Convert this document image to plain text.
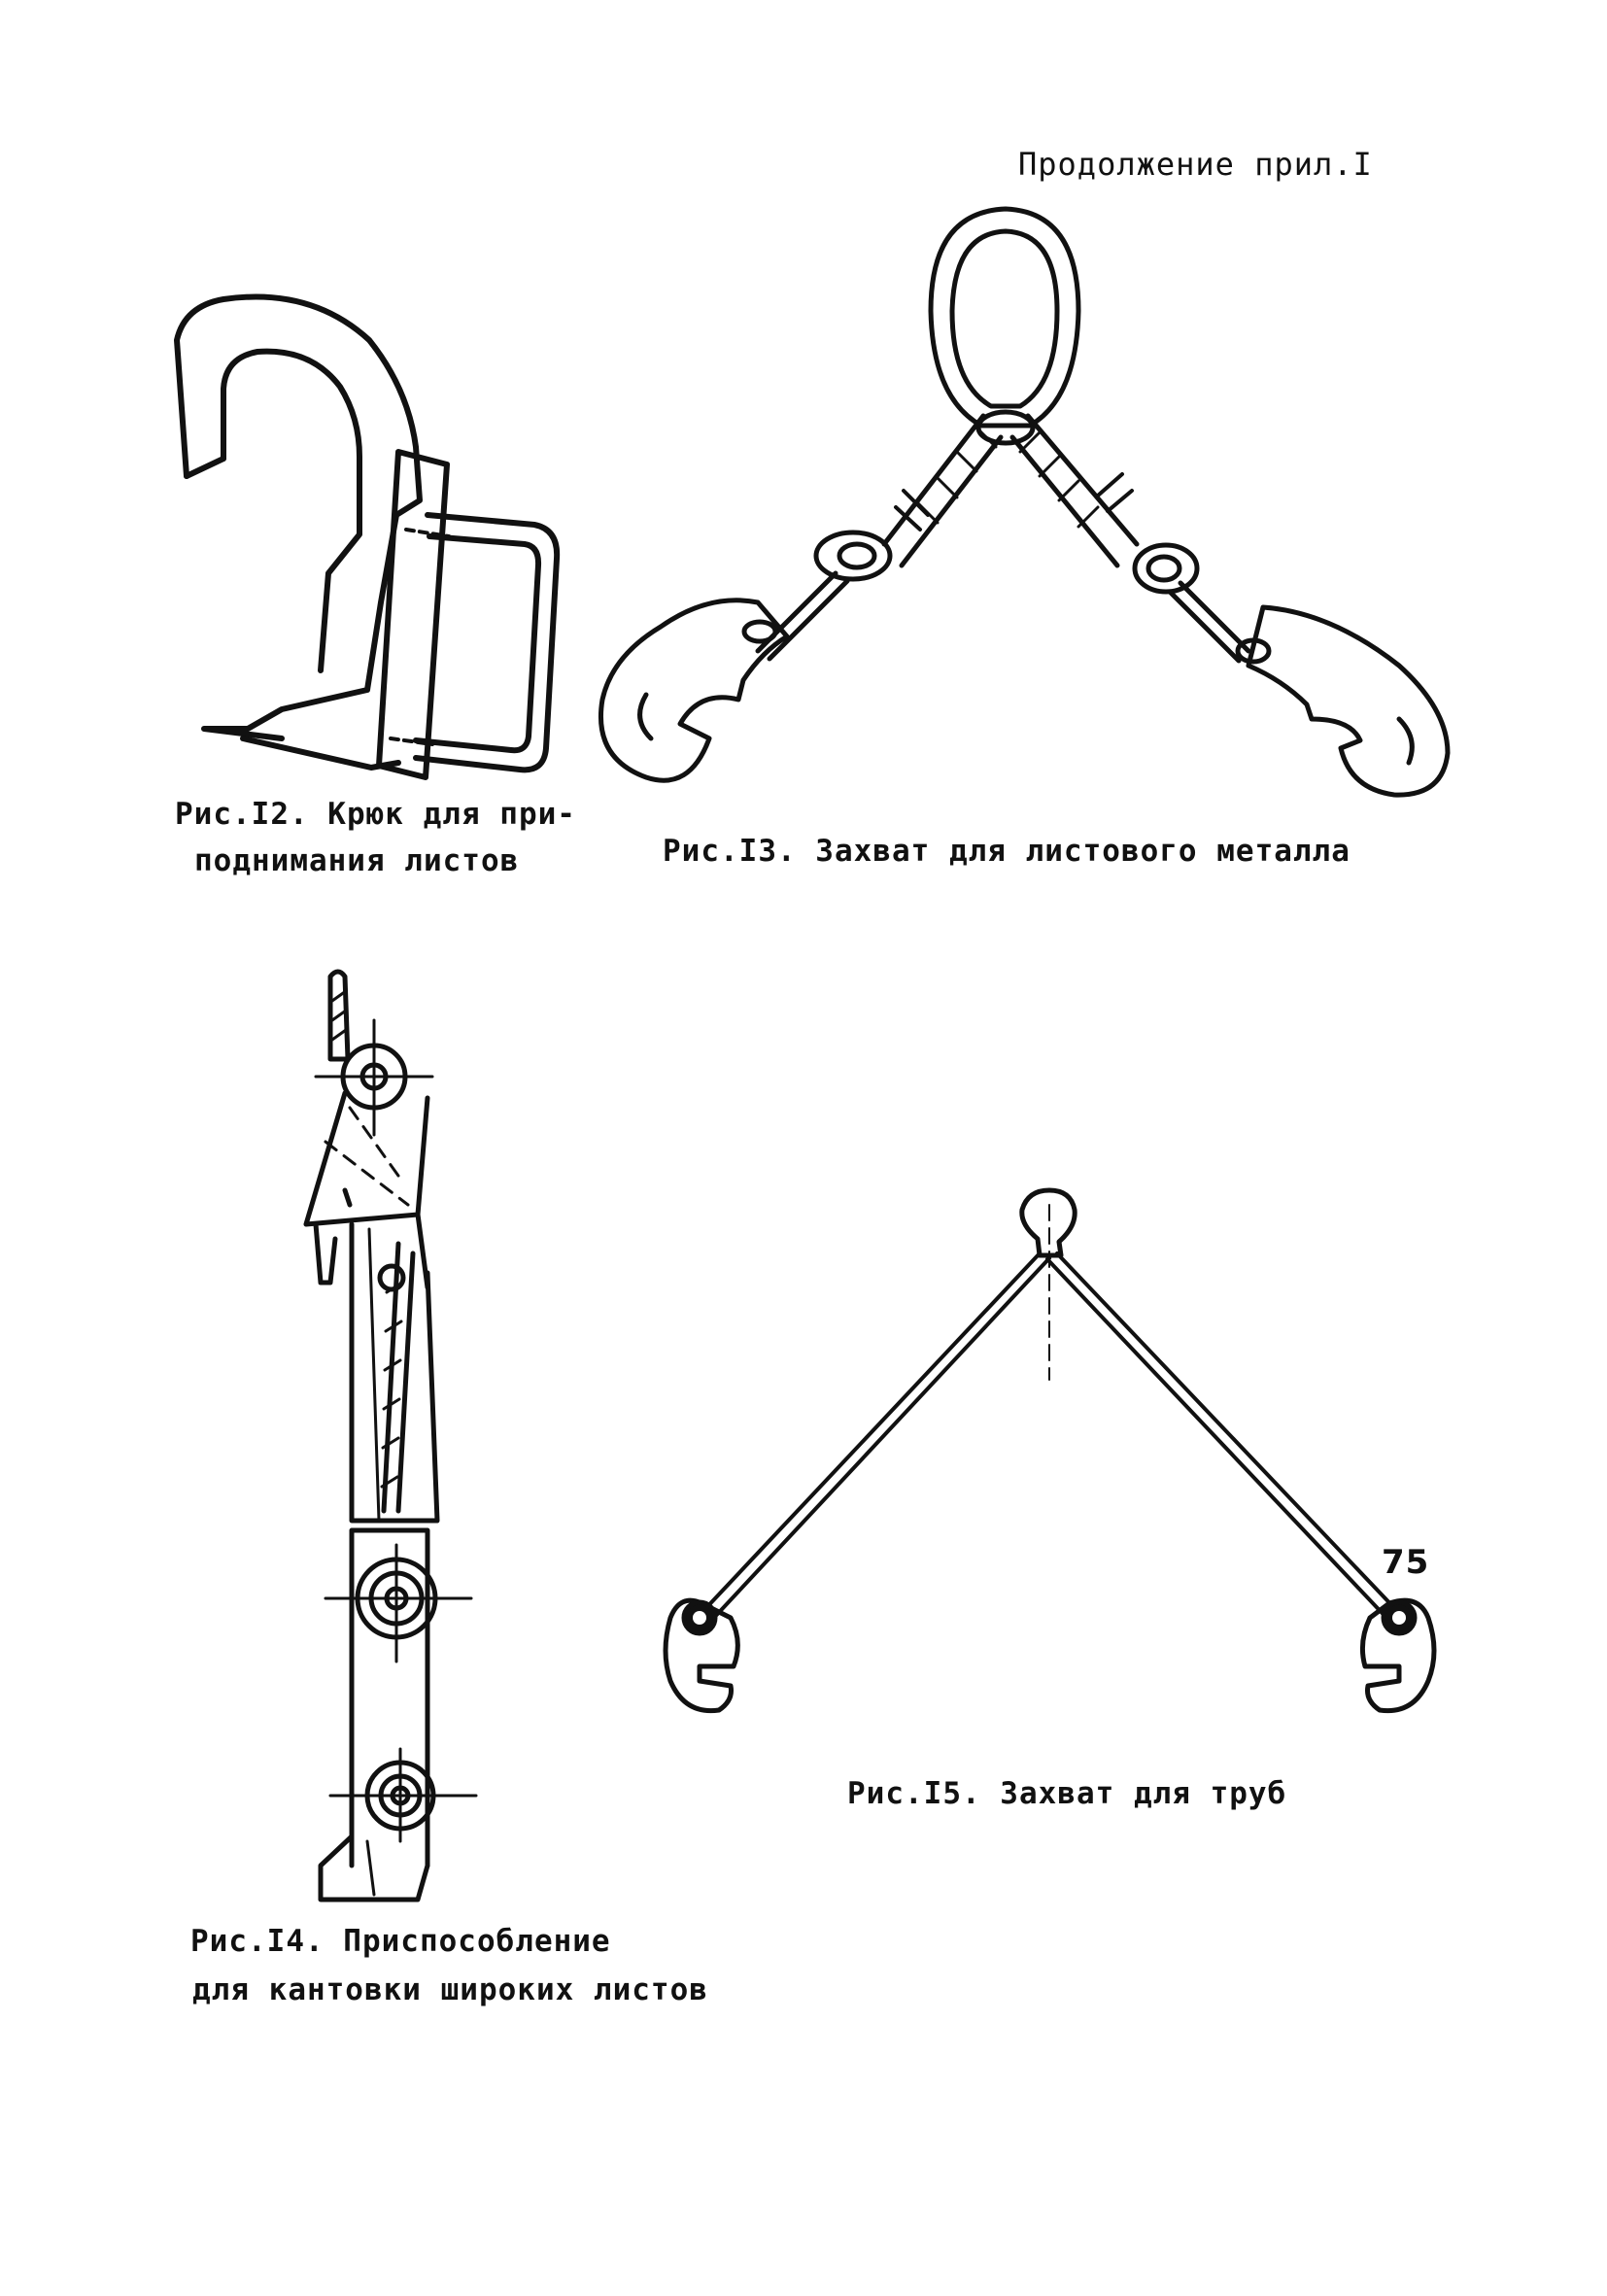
Продолжение прил.I
Рис.I2. Крюк для при-
поднимания листов	Рис.I3. Захват для листового металла
Рис.I4. Приспособление
для кантовки широких листов
Рис.I5. Захват для труб
75
